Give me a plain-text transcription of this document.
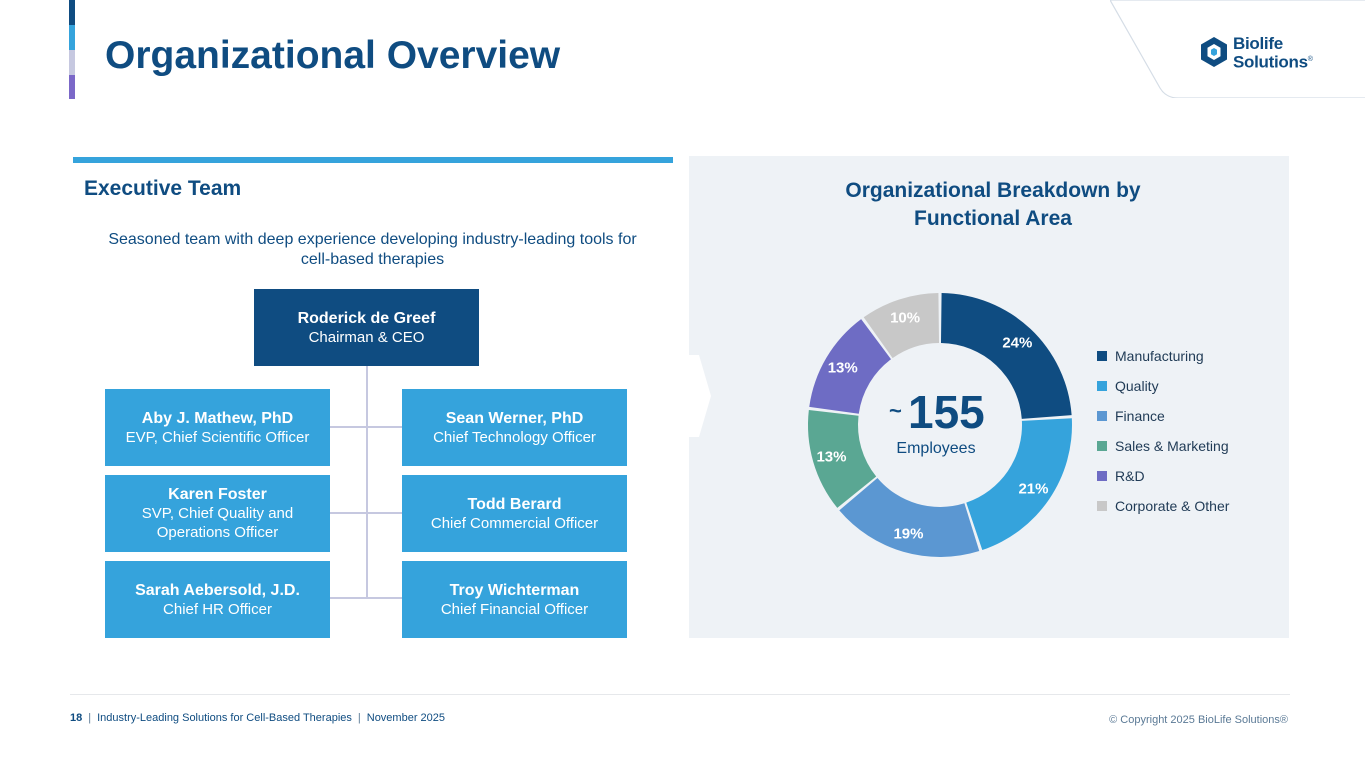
Organizational Overview	Biolife
Solutions®
Executive Team

Seasoned team with deep experience developing industry-leading tools for cell-based therapies

Roderick de Greef
Chairman & CEO
Aby J. Mathew, PhD
EVP, Chief Scientific Officer
Sean Werner, PhD
Chief Technology Officer
Karen Foster
SVP, Chief Quality and Operations Officer
Todd Berard
Chief Commercial Officer
Sarah Aebersold, J.D.
Chief HR Officer
Troy Wichterman
Chief Financial Officer
Organizational Breakdown by Functional Area
24%
21%
19%
13%
13%
10%
~ 155
Employees
Manufacturing
Quality
Finance
Sales & Marketing
R&D
Corporate & Other
18 | Industry-Leading Solutions for Cell-Based Therapies | November 2025	© Copyright 2025 BioLife Solutions®
